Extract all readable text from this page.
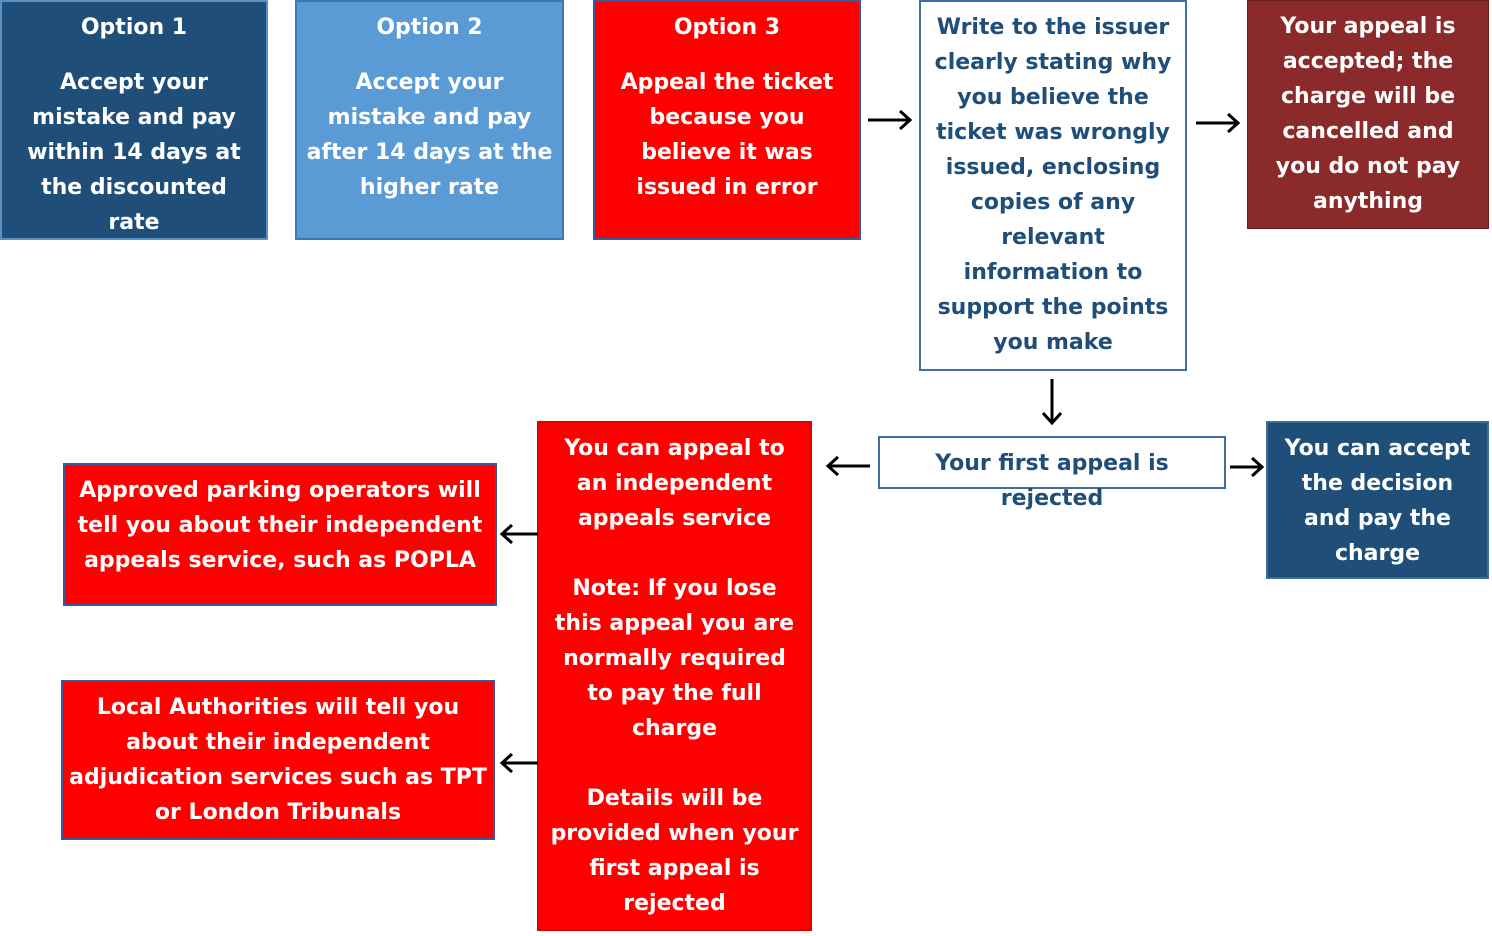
Option 1

Accept your
mistake and pay
within 14 days at
the discounted
rate

Option 2

Accept your
mistake and pay
after 14 days at the
higher rate

Option 3

Appeal the ticket
because you
believe it was
issued in error

Write to the issuer
clearly stating why
you believe the
ticket was wrongly
issued, enclosing
copies of any
relevant
information to
support the points
you make

Your appeal is
accepted; the
charge will be
cancelled and
you do not pay
anything

Your first appeal is rejected

You can accept
the decision
and pay the
charge

You can appeal to
an independent
appeals service

Note: If you lose
this appeal you are
normally required
to pay the full
charge

Details will be
provided when your
first appeal is
rejected

Approved parking operators will
tell you about their independent
appeals service, such as POPLA

Local Authorities will tell you
about their independent
adjudication services such as TPT
or London Tribunals
